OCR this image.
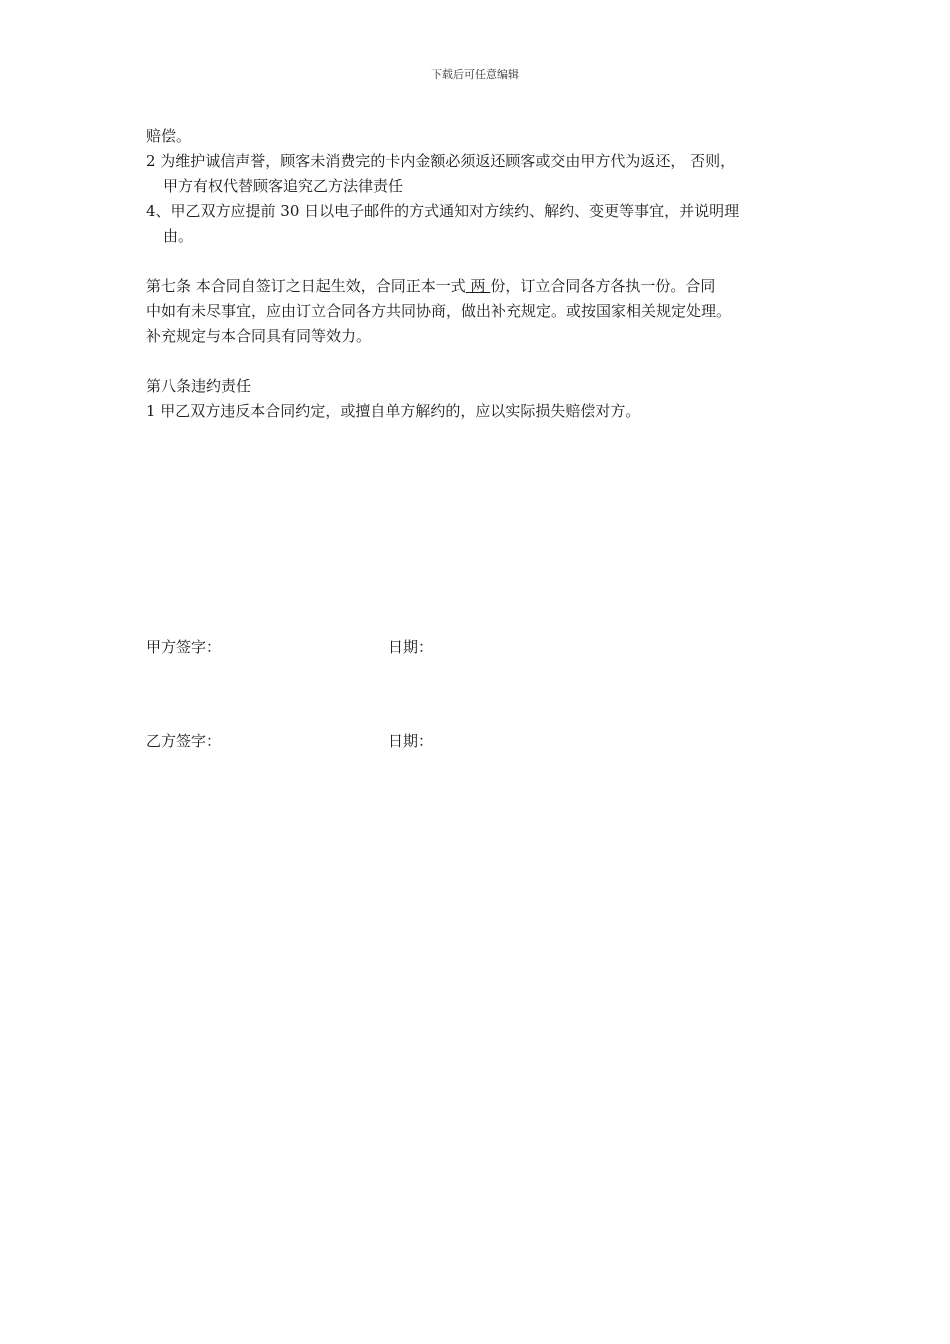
下载后可任意编辑
赔偿。
2 为维护诚信声誉，顾客未消费完的卡内金额必须返还顾客或交由甲方代为返还， 否则，
甲方有权代替顾客追究乙方法律责任
4、甲乙双方应提前 30 日以电子邮件的方式通知对方续约、解约、变更等事宜，并说明理
由。
第七条 本合同自签订之日起生效，合同正本一式 两 份，订立合同各方各执一份。合同
中如有未尽事宜，应由订立合同各方共同协商，做出补充规定。或按国家相关规定处理。
补充规定与本合同具有同等效力。
第八条违约责任
1 甲乙双方违反本合同约定，或擅自单方解约的，应以实际损失赔偿对方。
甲方签字：	日期：
乙方签字：	日期：
